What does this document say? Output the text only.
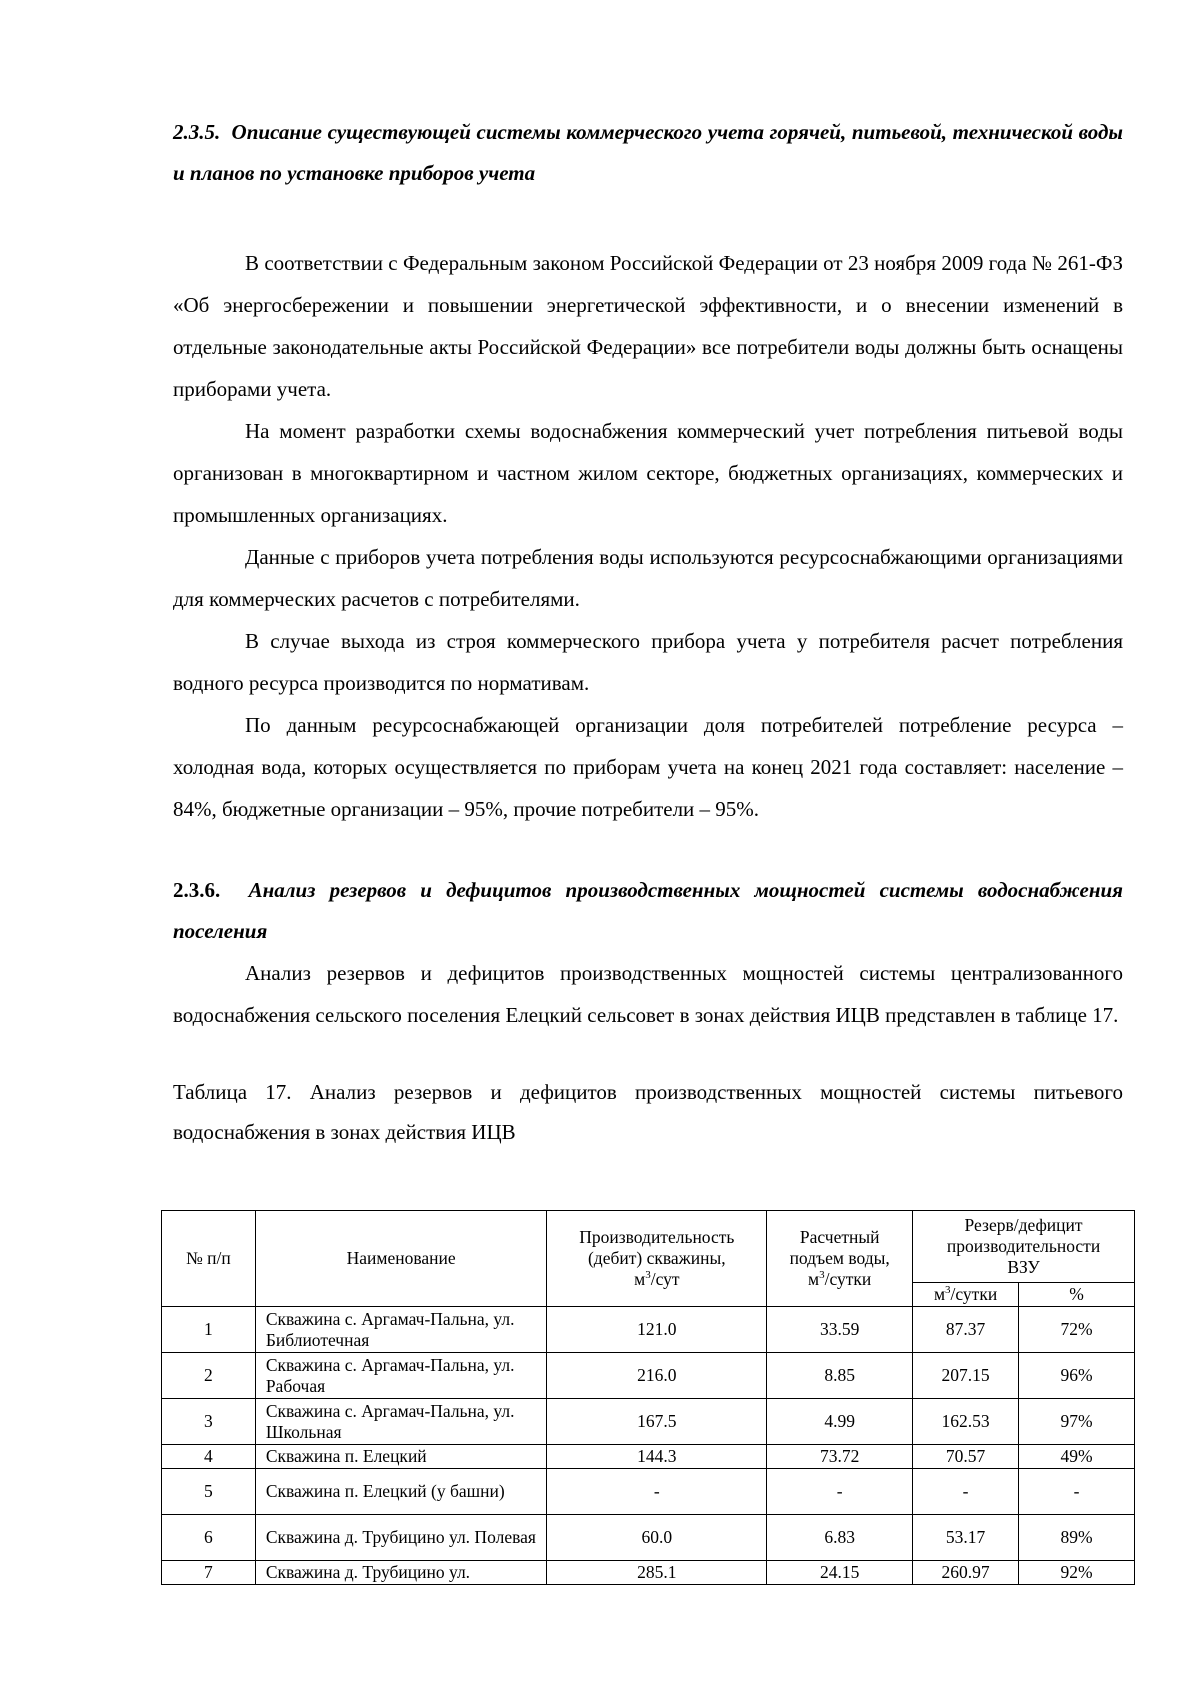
2.3.5. Описание существующей системы коммерческого учета горячей, питьевой, технической воды и планов по установке приборов учета

В соответствии с Федеральным законом Российской Федерации от 23 ноября 2009 года № 261-ФЗ «Об энергосбережении и повышении энергетической эффективности, и о внесении изменений в отдельные законодательные акты Российской Федерации» все потребители воды должны быть оснащены приборами учета.

На момент разработки схемы водоснабжения коммерческий учет потребления питьевой воды организован в многоквартирном и частном жилом секторе, бюджетных организациях, коммерческих и промышленных организациях.

Данные с приборов учета потребления воды используются ресурсоснабжающими организациями для коммерческих расчетов с потребителями.

В случае выхода из строя коммерческого прибора учета у потребителя расчет потребления водного ресурса производится по нормативам.

По данным ресурсоснабжающей организации доля потребителей потребление ресурса – холодная вода, которых осуществляется по приборам учета на конец 2021 года составляет: население – 84%, бюджетные организации – 95%, прочие потребители – 95%.

2.3.6. Анализ резервов и дефицитов производственных мощностей системы водоснабжения поселения

Анализ резервов и дефицитов производственных мощностей системы централизованного водоснабжения сельского поселения Елецкий сельсовет в зонах действия ИЦВ представлен в таблице 17.

Таблица 17. Анализ резервов и дефицитов производственных мощностей системы питьевого водоснабжения в зонах действия ИЦВ

№ п/п	Наименование	Производительность
(дебит) скважины,
$м^3$/сут	Расчетный
подъем воды,
$м^3$/сутки	Резерв/дефицит
производительности
ВЗУ	
				$м^3$/сутки	%
1	Скважина с. Аргамач-Пальна, ул. Библиотечная	121.0	33.59	87.37	72%
2	Скважина с. Аргамач-Пальна, ул. Рабочая	216.0	8.85	207.15	96%
3	Скважина с. Аргамач-Пальна, ул. Школьная	167.5	4.99	162.53	97%
4	Скважина п. Елецкий	144.3	73.72	70.57	49%
5	Скважина п. Елецкий (у башни)	-	-	-	-
6	Скважина д. Трубицино ул. Полевая	60.0	6.83	53.17	89%
7	Скважина д. Трубицино ул.	285.1	24.15	260.97	92%
